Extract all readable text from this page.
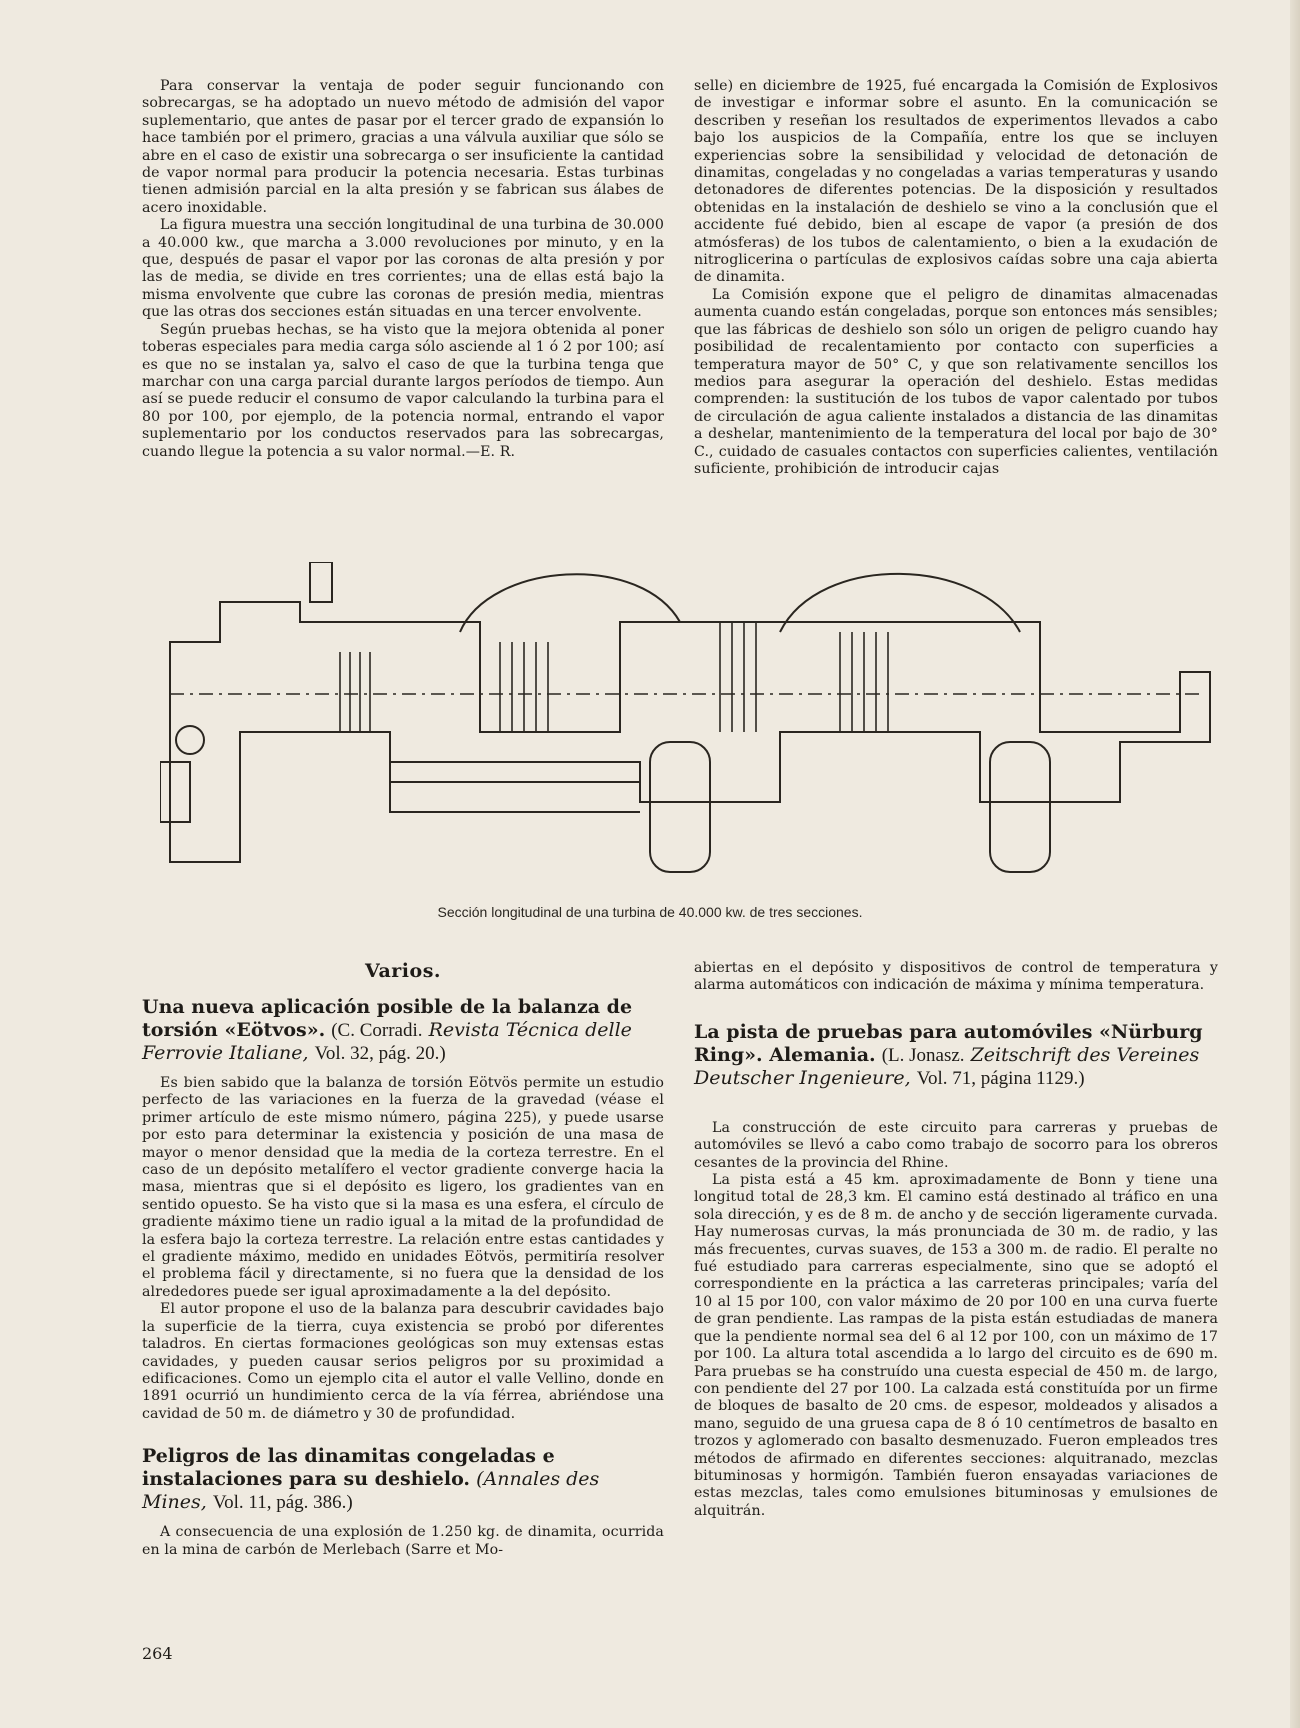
Para conservar la ventaja de poder seguir funcionando con sobrecargas, se ha adoptado un nuevo método de admisión del vapor suplementario, que antes de pasar por el tercer grado de expansión lo hace también por el primero, gracias a una válvula auxiliar que sólo se abre en el caso de existir una sobrecarga o ser insuficiente la cantidad de vapor normal para producir la potencia necesaria. Estas turbinas tienen admisión parcial en la alta presión y se fabrican sus álabes de acero inoxidable.

La figura muestra una sección longitudinal de una turbina de 30.000 a 40.000 kw., que marcha a 3.000 revoluciones por minuto, y en la que, después de pasar el vapor por las coronas de alta presión y por las de media, se divide en tres corrientes; una de ellas está bajo la misma envolvente que cubre las coronas de presión media, mientras que las otras dos secciones están situadas en una tercer envolvente.

Según pruebas hechas, se ha visto que la mejora obtenida al poner toberas especiales para media carga sólo asciende al 1 ó 2 por 100; así es que no se instalan ya, salvo el caso de que la turbina tenga que marchar con una carga parcial durante largos períodos de tiempo. Aun así se puede reducir el consumo de vapor calculando la turbina para el 80 por 100, por ejemplo, de la potencia normal, entrando el vapor suplementario por los conductos reservados para las sobrecargas, cuando llegue la potencia a su valor normal.—E. R.

selle) en diciembre de 1925, fué encargada la Comisión de Explosivos de investigar e informar sobre el asunto. En la comunicación se describen y reseñan los resultados de experimentos llevados a cabo bajo los auspicios de la Compañía, entre los que se incluyen experiencias sobre la sensibilidad y velocidad de detonación de dinamitas, congeladas y no congeladas a varias temperaturas y usando detonadores de diferentes potencias. De la disposición y resultados obtenidas en la instalación de deshielo se vino a la conclusión que el accidente fué debido, bien al escape de vapor (a presión de dos atmósferas) de los tubos de calentamiento, o bien a la exudación de nitroglicerina o partículas de explosivos caídas sobre una caja abierta de dinamita.

La Comisión expone que el peligro de dinamitas almacenadas aumenta cuando están congeladas, porque son entonces más sensibles; que las fábricas de deshielo son sólo un origen de peligro cuando hay posibilidad de recalentamiento por contacto con superficies a temperatura mayor de 50° C, y que son relativamente sencillos los medios para asegurar la operación del deshielo. Estas medidas comprenden: la sustitución de los tubos de vapor calentado por tubos de circulación de agua caliente instalados a distancia de las dinamitas a deshelar, mantenimiento de la temperatura del local por bajo de 30° C., cuidado de casuales contactos con superficies calientes, ventilación suficiente, prohibición de introducir cajas

Sección longitudinal de una turbina de 40.000 kw. de tres secciones.
Varios.
Una nueva aplicación posible de la balanza de torsión «Eötvos». (C. Corradi. Revista Técnica delle Ferrovie Italiane, Vol. 32, pág. 20.)

Es bien sabido que la balanza de torsión Eötvös permite un estudio perfecto de las variaciones en la fuerza de la gravedad (véase el primer artículo de este mismo número, página 225), y puede usarse por esto para determinar la existencia y posición de una masa de mayor o menor densidad que la media de la corteza terrestre. En el caso de un depósito metalífero el vector gradiente converge hacia la masa, mientras que si el depósito es ligero, los gradientes van en sentido opuesto. Se ha visto que si la masa es una esfera, el círculo de gradiente máximo tiene un radio igual a la mitad de la profundidad de la esfera bajo la corteza terrestre. La relación entre estas cantidades y el gradiente máximo, medido en unidades Eötvös, permitiría resolver el problema fácil y directamente, si no fuera que la densidad de los alrededores puede ser igual aproximadamente a la del depósito.

El autor propone el uso de la balanza para descubrir cavidades bajo la superficie de la tierra, cuya existencia se probó por diferentes taladros. En ciertas formaciones geológicas son muy extensas estas cavidades, y pueden causar serios peligros por su proximidad a edificaciones. Como un ejemplo cita el autor el valle Vellino, donde en 1891 ocurrió un hundimiento cerca de la vía férrea, abriéndose una cavidad de 50 m. de diámetro y 30 de profundidad.

Peligros de las dinamitas congeladas e instalaciones para su deshielo. (Annales des Mines, Vol. 11, pág. 386.)

A consecuencia de una explosión de 1.250 kg. de dinamita, ocurrida en la mina de carbón de Merlebach (Sarre et Mo-

abiertas en el depósito y dispositivos de control de temperatura y alarma automáticos con indicación de máxima y mínima temperatura.

La pista de pruebas para automóviles «Nürburg Ring». Alemania. (L. Jonasz. Zeitschrift des Vereines Deutscher Ingenieure, Vol. 71, página 1129.)

La construcción de este circuito para carreras y pruebas de automóviles se llevó a cabo como trabajo de socorro para los obreros cesantes de la provincia del Rhine.

La pista está a 45 km. aproximadamente de Bonn y tiene una longitud total de 28,3 km. El camino está destinado al tráfico en una sola dirección, y es de 8 m. de ancho y de sección ligeramente curvada. Hay numerosas curvas, la más pronunciada de 30 m. de radio, y las más frecuentes, curvas suaves, de 153 a 300 m. de radio. El peralte no fué estudiado para carreras especialmente, sino que se adoptó el correspondiente en la práctica a las carreteras principales; varía del 10 al 15 por 100, con valor máximo de 20 por 100 en una curva fuerte de gran pendiente. Las rampas de la pista están estudiadas de manera que la pendiente normal sea del 6 al 12 por 100, con un máximo de 17 por 100. La altura total ascendida a lo largo del circuito es de 690 m. Para pruebas se ha construído una cuesta especial de 450 m. de largo, con pendiente del 27 por 100. La calzada está constituída por un firme de bloques de basalto de 20 cms. de espesor, moldeados y alisados a mano, seguido de una gruesa capa de 8 ó 10 centímetros de basalto en trozos y aglomerado con basalto desmenuzado. Fueron empleados tres métodos de afirmado en diferentes secciones: alquitranado, mezclas bituminosas y hormigón. También fueron ensayadas variaciones de estas mezclas, tales como emulsiones bituminosas y emulsiones de alquitrán.

264
